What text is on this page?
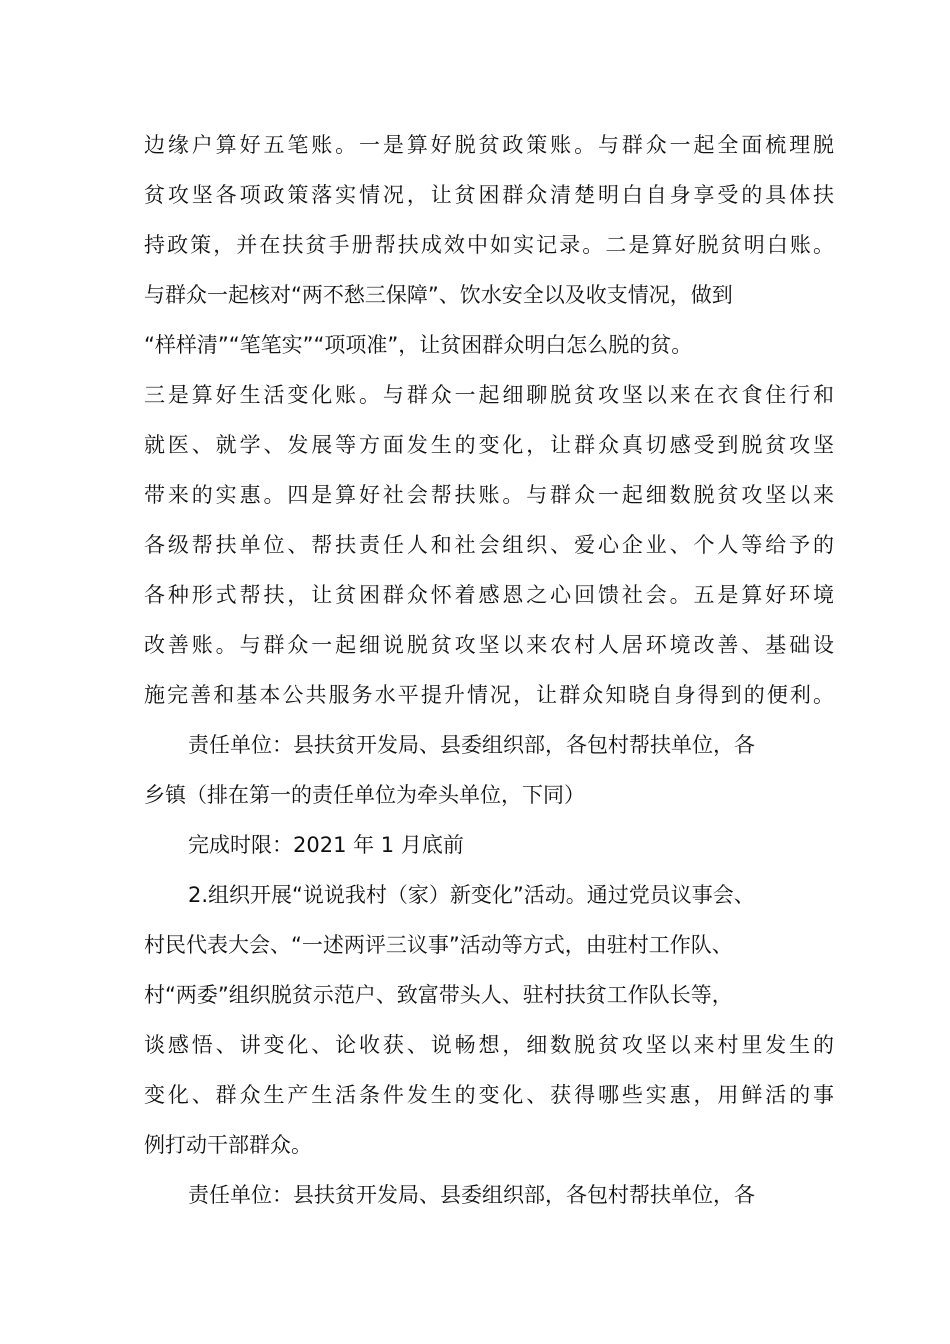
边缘户算好五笔账。一是算好脱贫政策账。与群众一起全面梳理脱
贫攻坚各项政策落实情况，让贫困群众清楚明白自身享受的具体扶
持政策，并在扶贫手册帮扶成效中如实记录。二是算好脱贫明白账。
与群众一起核对“两不愁三保障”、饮水安全以及收支情况，做到
“样样清”“笔笔实”“项项准”，让贫困群众明白怎么脱的贫。
三是算好生活变化账。与群众一起细聊脱贫攻坚以来在衣食住行和
就医、就学、发展等方面发生的变化，让群众真切感受到脱贫攻坚
带来的实惠。四是算好社会帮扶账。与群众一起细数脱贫攻坚以来
各级帮扶单位、帮扶责任人和社会组织、爱心企业、个人等给予的
各种形式帮扶，让贫困群众怀着感恩之心回馈社会。五是算好环境
改善账。与群众一起细说脱贫攻坚以来农村人居环境改善、基础设
施完善和基本公共服务水平提升情况，让群众知晓自身得到的便利。
责任单位：县扶贫开发局、县委组织部，各包村帮扶单位，各
乡镇（排在第一的责任单位为牵头单位，下同）
完成时限：2021 年 1 月底前
2.组织开展“说说我村（家）新变化”活动。通过党员议事会、
村民代表大会、“一述两评三议事”活动等方式，由驻村工作队、
村“两委”组织脱贫示范户、致富带头人、驻村扶贫工作队长等，
谈感悟、讲变化、论收获、说畅想，细数脱贫攻坚以来村里发生的
变化、群众生产生活条件发生的变化、获得哪些实惠，用鲜活的事
例打动干部群众。
责任单位：县扶贫开发局、县委组织部，各包村帮扶单位，各
